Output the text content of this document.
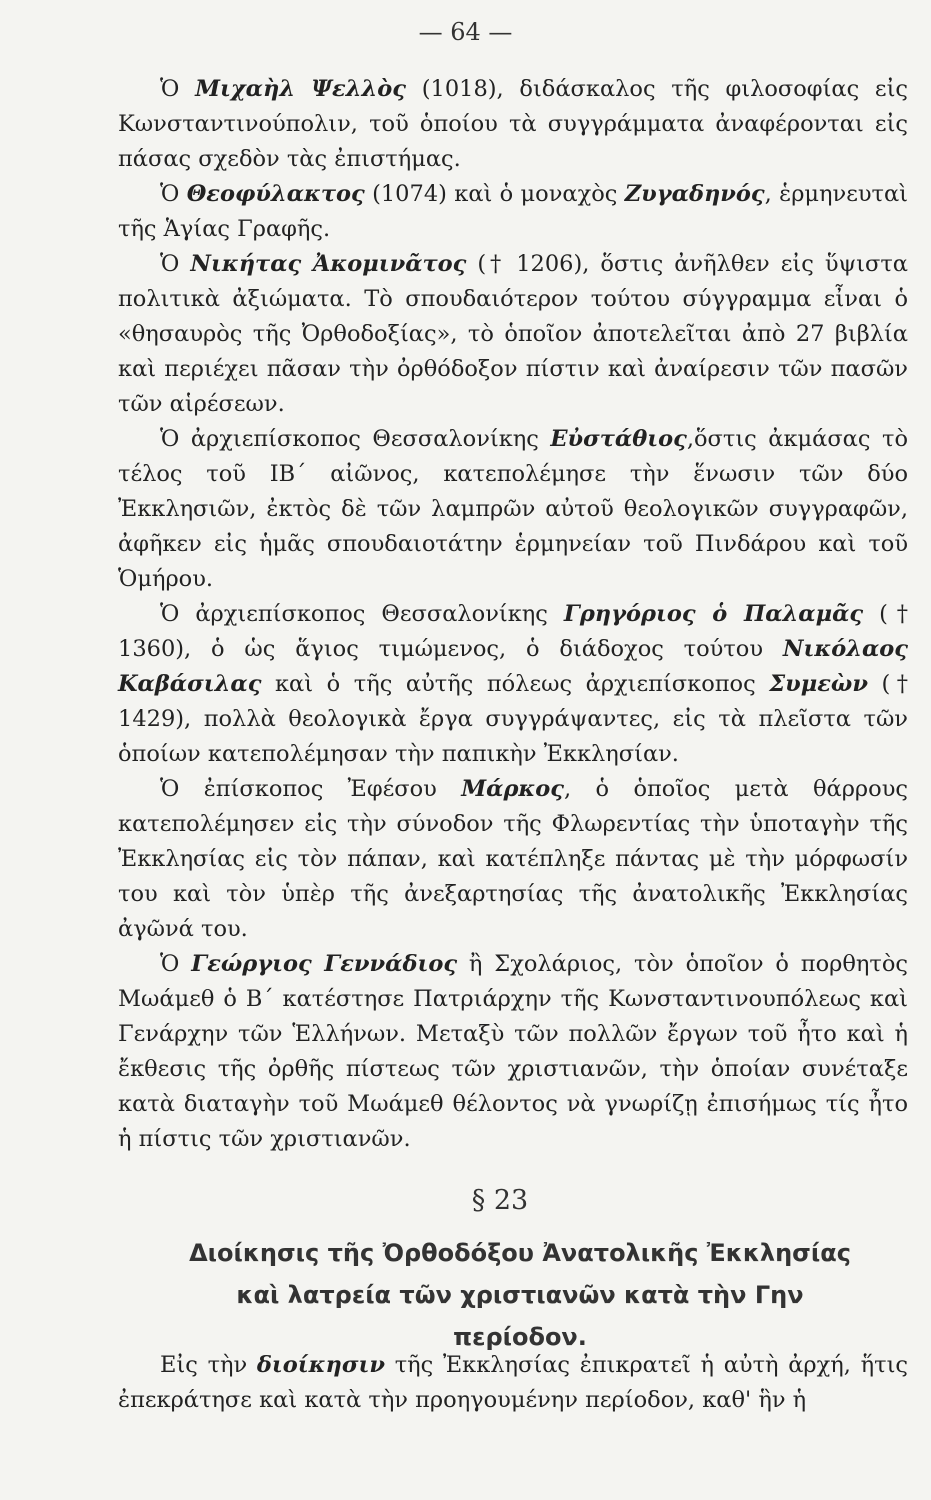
— 64 —

Ὁ Μιχαὴλ Ψελλὸς (1018), διδάσκαλος τῆς φιλοσοφίας εἰς Κωνσταντινούπολιν, τοῦ ὁποίου τὰ συγγράμματα ἀναφέρονται εἰς πάσας σχεδὸν τὰς ἐπιστήμας.

Ὁ Θεοφύλακτος (1074) καὶ ὁ μοναχὸς Ζυγαδηνός, ἑρμηνευταὶ τῆς Ἁγίας Γραφῆς.

Ὁ Νικήτας Ἀκομινᾶτος († 1206), ὅστις ἀνῆλθεν εἰς ὕψιστα πολιτικὰ ἀξιώματα. Τὸ σπουδαιότερον τούτου σύγγραμμα εἶναι ὁ «θησαυρὸς τῆς Ὀρθοδοξίας», τὸ ὁποῖον ἀποτελεῖται ἀπὸ 27 βιβλία καὶ περιέχει πᾶσαν τὴν ὀρθόδοξον πίστιν καὶ ἀναίρεσιν τῶν πασῶν τῶν αἱρέσεων.

Ὁ ἀρχιεπίσκοπος Θεσσαλονίκης Εὐστάθιος,ὅστις ἀκμάσας τὸ τέλος τοῦ ΙΒ΄ αἰῶνος, κατεπολέμησε τὴν ἕνωσιν τῶν δύο Ἐκκλησιῶν, ἐκτὸς δὲ τῶν λαμπρῶν αὐτοῦ θεολογικῶν συγγραφῶν, ἀφῆκεν εἰς ἡμᾶς σπουδαιοτάτην ἑρμηνείαν τοῦ Πινδάρου καὶ τοῦ Ὁμήρου.

Ὁ ἀρχιεπίσκοπος Θεσσαλονίκης Γρηγόριος ὁ Παλαμᾶς († 1360), ὁ ὡς ἅγιος τιμώμενος, ὁ διάδοχος τούτου Νικόλαος Καβάσιλας καὶ ὁ τῆς αὐτῆς πόλεως ἀρχιεπίσκοπος Συμεὼν († 1429), πολλὰ θεολογικὰ ἔργα συγγράψαντες, εἰς τὰ πλεῖστα τῶν ὁποίων κατεπολέμησαν τὴν παπικὴν Ἐκκλησίαν.

Ὁ ἐπίσκοπος Ἐφέσου Μάρκος, ὁ ὁποῖος μετὰ θάρρους κατεπολέμησεν εἰς τὴν σύνοδον τῆς Φλωρεντίας τὴν ὑποταγὴν τῆς Ἐκκλησίας εἰς τὸν πάπαν, καὶ κατέπληξε πάντας μὲ τὴν μόρφωσίν του καὶ τὸν ὑπὲρ τῆς ἀνεξαρτησίας τῆς ἀνατολικῆς Ἐκκλησίας ἀγῶνά του.

Ὁ Γεώργιος Γεννάδιος ἢ Σχολάριος, τὸν ὁποῖον ὁ πορθητὸς Μωάμεθ ὁ Β΄ κατέστησε Πατριάρχην τῆς Κωνσταντινουπόλεως καὶ Γενάρχην τῶν Ἑλλήνων. Μεταξὺ τῶν πολλῶν ἔργων τοῦ ἦτο καὶ ἡ ἔκθεσις τῆς ὀρθῆς πίστεως τῶν χριστιανῶν, τὴν ὁποίαν συνέταξε κατὰ διαταγὴν τοῦ Μωάμεθ θέλοντος νὰ γνωρίζῃ ἐπισήμως τίς ἦτο ἡ πίστις τῶν χριστιανῶν.

§ 23
Διοίκησις τῆς Ὀρθοδόξου Ἀνατολικῆς Ἐκκλησίας
καὶ λατρεία τῶν χριστιανῶν κατὰ τὴν Γην
περίοδον.

Εἰς τὴν διοίκησιν τῆς Ἐκκλησίας ἐπικρατεῖ ἡ αὐτὴ ἀρχή, ἥτις ἐπεκράτησε καὶ κατὰ τὴν προηγουμένην περίοδον, καθ' ἣν ἡ
